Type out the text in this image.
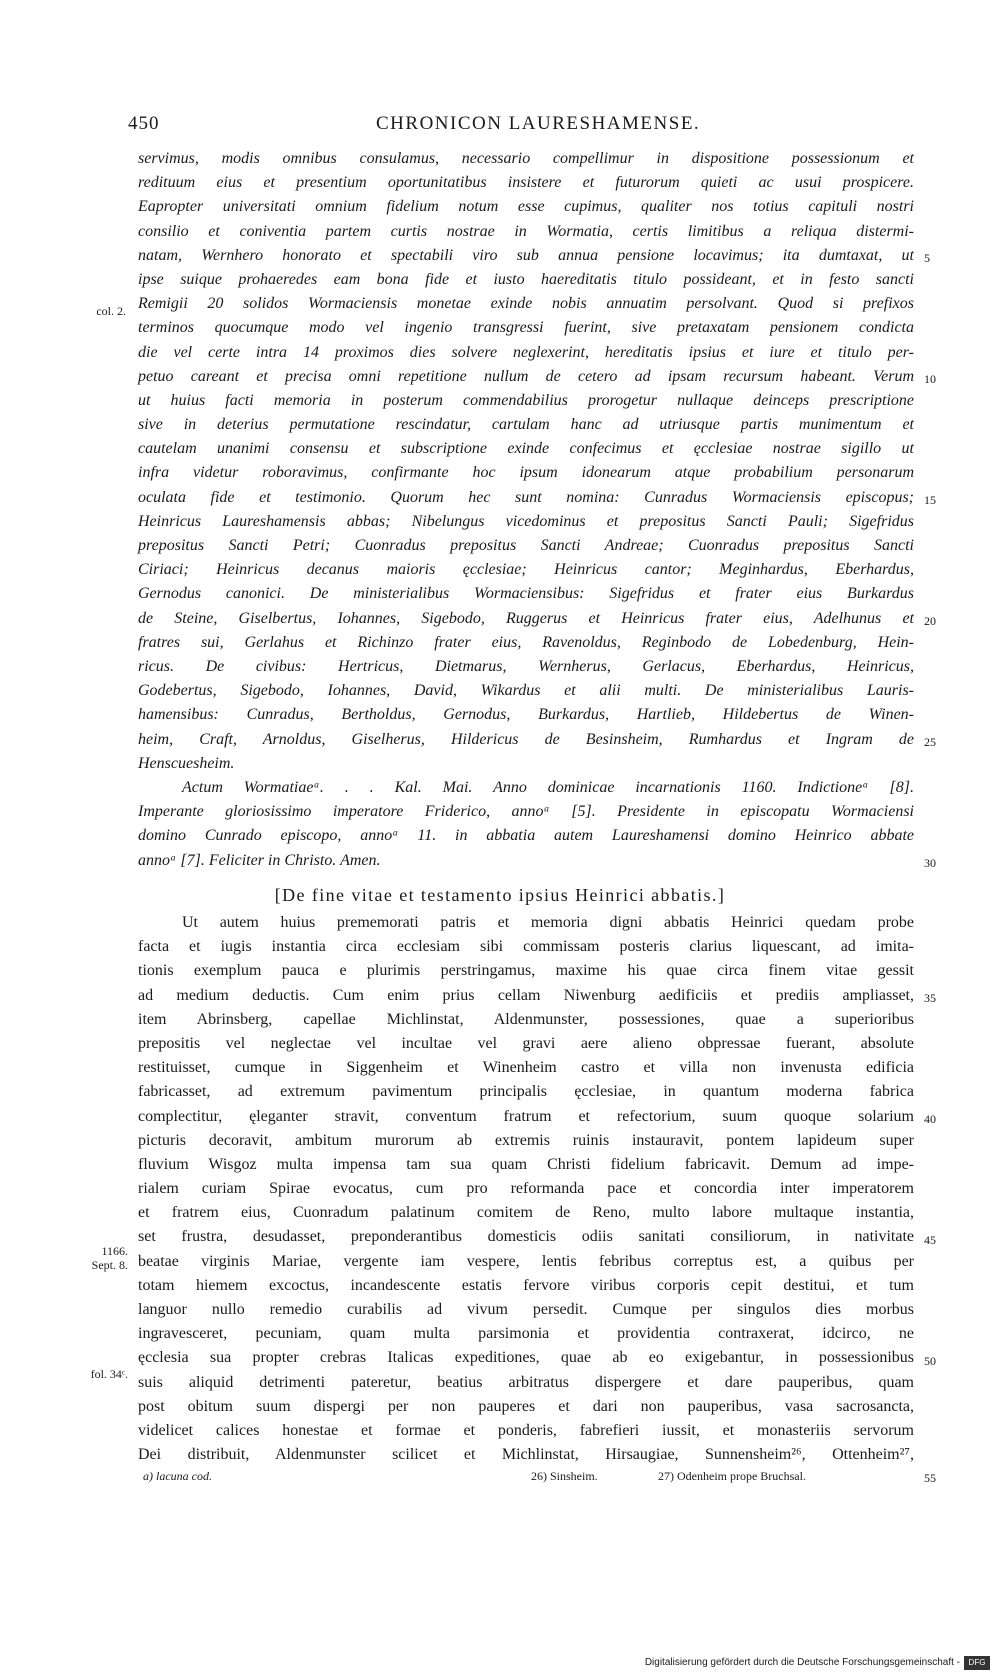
450	CHRONICON LAURESHAMENSE.
servimus, modis omnibus consulamus, necessario compellimur in dispositione possessionum et
redituum eius et presentium oportunitatibus insistere et futurorum quieti ac usui prospicere.
Eapropter universitati omnium fidelium notum esse cupimus, qualiter nos totius capituli nostri
consilio et coniventia partem curtis nostrae in Wormatia, certis limitibus a reliqua distermi-
natam, Wernhero honorato et spectabili viro sub annua pensione locavimus; ita dumtaxat, ut
ipse suique prohaeredes eam bona fide et iusto haereditatis titulo possideant, et in festo sancti
Remigii 20 solidos Wormaciensis monetae exinde nobis annuatim persolvant. Quod si prefixos
terminos quocumque modo vel ingenio transgressi fuerint, sive pretaxatam pensionem condicta
die vel certe intra 14 proximos dies solvere neglexerint, hereditatis ipsius et iure et titulo per-
petuo careant et precisa omni repetitione nullum de cetero ad ipsam recursum habeant. Verum
ut huius facti memoria in posterum commendabilius prorogetur nullaque deinceps prescriptione
sive in deterius permutatione rescindatur, cartulam hanc ad utriusque partis munimentum et
cautelam unanimi consensu et subscriptione exinde confecimus et ęcclesiae nostrae sigillo ut
infra videtur roboravimus, confirmante hoc ipsum idonearum atque probabilium personarum
oculata fide et testimonio. Quorum hec sunt nomina: Cunradus Wormaciensis episcopus;
Heinricus Laureshamensis abbas; Nibelungus vicedominus et prepositus Sancti Pauli; Sigefridus
prepositus Sancti Petri; Cuonradus prepositus Sancti Andreae; Cuonradus prepositus Sancti
Ciriaci; Heinricus decanus maioris ęcclesiae; Heinricus cantor; Meginhardus, Eberhardus,
Gernodus canonici. De ministerialibus Wormaciensibus: Sigefridus et frater eius Burkardus
de Steine, Giselbertus, Iohannes, Sigebodo, Ruggerus et Heinricus frater eius, Adelhunus et
fratres sui, Gerlahus et Richinzo frater eius, Ravenoldus, Reginbodo de Lobedenburg, Hein-
ricus. De civibus: Hertricus, Dietmarus, Wernherus, Gerlacus, Eberhardus, Heinricus,
Godebertus, Sigebodo, Iohannes, David, Wikardus et alii multi. De ministerialibus Lauris-
hamensibus: Cunradus, Bertholdus, Gernodus, Burkardus, Hartlieb, Hildebertus de Winen-
heim, Craft, Arnoldus, Giselherus, Hildericus de Besinsheim, Rumhardus et Ingram de
Henscuesheim.
Actum Wormatiaeᵃ. . . Kal. Mai. Anno dominicae incarnationis 1160. Indictioneᵃ [8].
Imperante gloriosissimo imperatore Friderico, annoᵃ [5]. Presidente in episcopatu Wormaciensi
domino Cunrado episcopo, annoᵃ 11. in abbatia autem Laureshamensi domino Heinrico abbate
annoᵃ [7]. Feliciter in Christo. Amen.
[De fine vitae et testamento ipsius Heinrici abbatis.]
Ut autem huius prememorati patris et memoria digni abbatis Heinrici quedam probe
facta et iugis instantia circa ecclesiam sibi commissam posteris clarius liquescant, ad imita-
tionis exemplum pauca e plurimis perstringamus, maxime his quae circa finem vitae gessit
ad medium deductis. Cum enim prius cellam Niwenburg aedificiis et prediis ampliasset,
item Abrinsberg, capellae Michlinstat, Aldenmunster, possessiones, quae a superioribus
prepositis vel neglectae vel incultae vel gravi aere alieno obpressae fuerant, absolute
restituisset, cumque in Siggenheim et Winenheim castro et villa non invenusta edificia
fabricasset, ad extremum pavimentum principalis ęcclesiae, in quantum moderna fabrica
complectitur, ęleganter stravit, conventum fratrum et refectorium, suum quoque solarium
picturis decoravit, ambitum murorum ab extremis ruinis instauravit, pontem lapideum super
fluvium Wisgoz multa impensa tam sua quam Christi fidelium fabricavit. Demum ad impe-
rialem curiam Spirae evocatus, cum pro reformanda pace et concordia inter imperatorem
et fratrem eius, Cuonradum palatinum comitem de Reno, multo labore multaque instantia,
set frustra, desudasset, preponderantibus domesticis odiis sanitati consiliorum, in nativitate
beatae virginis Mariae, vergente iam vespere, lentis febribus correptus est, a quibus per
totam hiemem excoctus, incandescente estatis fervore viribus corporis cepit destitui, et tum
languor nullo remedio curabilis ad vivum persedit. Cumque per singulos dies morbus
ingravesceret, pecuniam, quam multa parsimonia et providentia contraxerat, idcirco, ne
ęcclesia sua propter crebras Italicas expeditiones, quae ab eo exigebantur, in possessionibus
suis aliquid detrimenti pateretur, beatius arbitratus dispergere et dare pauperibus, quam
post obitum suum dispergi per non pauperes et dari non pauperibus, vasa sacrosancta,
videlicet calices honestae et formae et ponderis, fabrefieri iussit, et monasteriis servorum
Dei distribuit, Aldenmunster scilicet et Michlinstat, Hirsaugiae, Sunnensheim²⁶, Ottenheim²⁷,
5
10
15
20
25
30
35
40
45
50
55
col. 2.
1166.
Sept. 8.
fol. 34ᶜ.
a) lacuna cod.	26) Sinsheim.	27) Odenheim prope Bruchsal.
Digitalisierung gefördert durch die Deutsche Forschungsgemeinschaft -	DFG
